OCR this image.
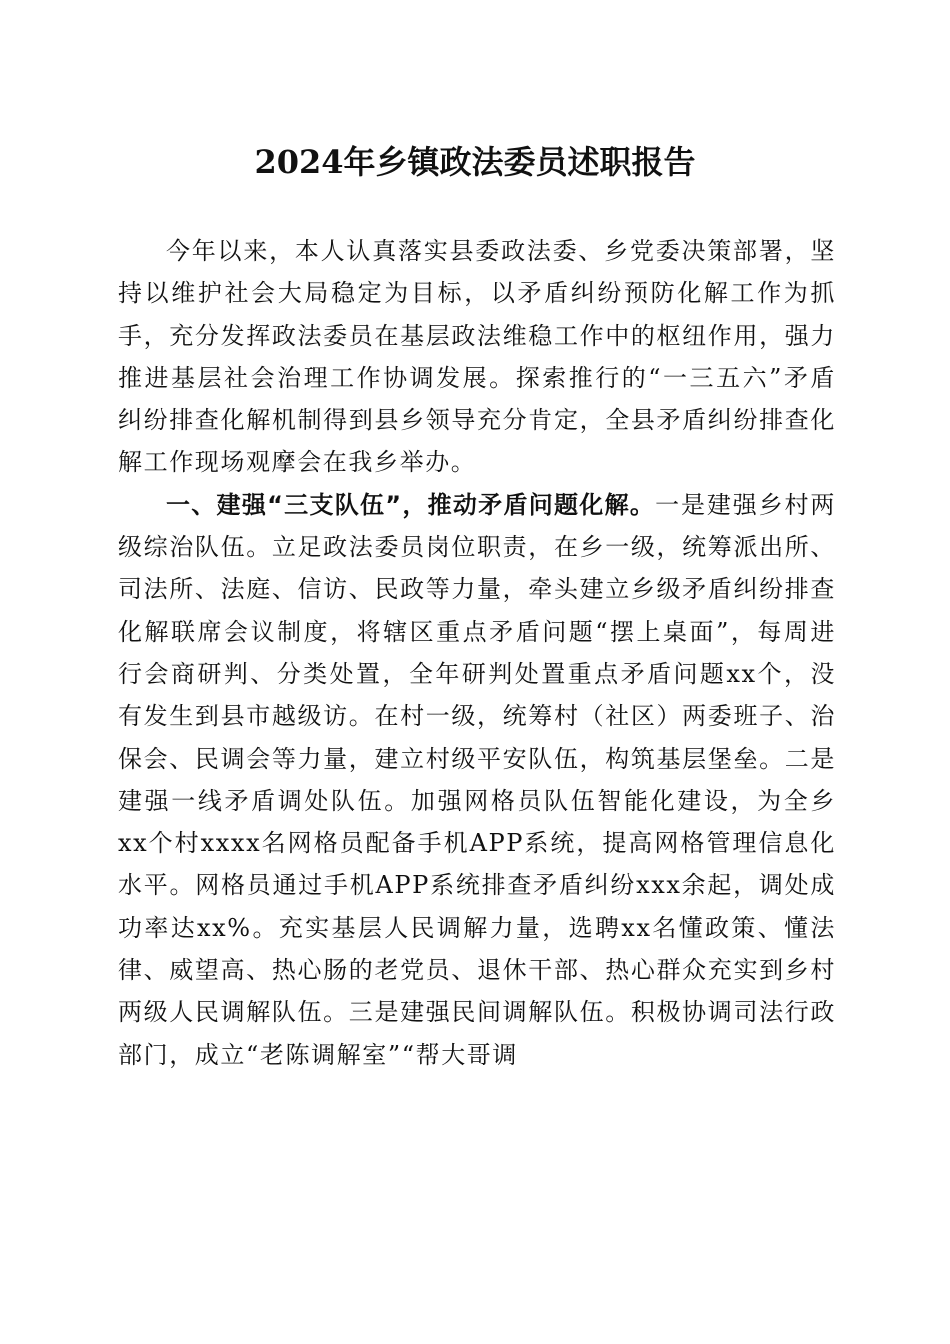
2024年乡镇政法委员述职报告

今年以来，本人认真落实县委政法委、乡党委决策部署，坚持以维护社会大局稳定为目标，以矛盾纠纷预防化解工作为抓手，充分发挥政法委员在基层政法维稳工作中的枢纽作用，强力推进基层社会治理工作协调发展。探索推行的“一三五六”矛盾纠纷排查化解机制得到县乡领导充分肯定，全县矛盾纠纷排查化解工作现场观摩会在我乡举办。

一、建强“三支队伍”，推动矛盾问题化解。一是建强乡村两级综治队伍。立足政法委员岗位职责，在乡一级，统筹派出所、司法所、法庭、信访、民政等力量，牵头建立乡级矛盾纠纷排查化解联席会议制度，将辖区重点矛盾问题“摆上桌面”，每周进行会商研判、分类处置，全年研判处置重点矛盾问题xx个，没有发生到县市越级访。在村一级，统筹村（社区）两委班子、治保会、民调会等力量，建立村级平安队伍，构筑基层堡垒。二是建强一线矛盾调处队伍。加强网格员队伍智能化建设，为全乡xx个村xxxx名网格员配备手机APP系统，提高网格管理信息化水平。网格员通过手机APP系统排查矛盾纠纷xxx余起，调处成功率达xx%。充实基层人民调解力量，选聘xx名懂政策、懂法律、威望高、热心肠的老党员、退休干部、热心群众充实到乡村两级人民调解队伍。三是建强民间调解队伍。积极协调司法行政部门，成立“老陈调解室”“帮大哥调
